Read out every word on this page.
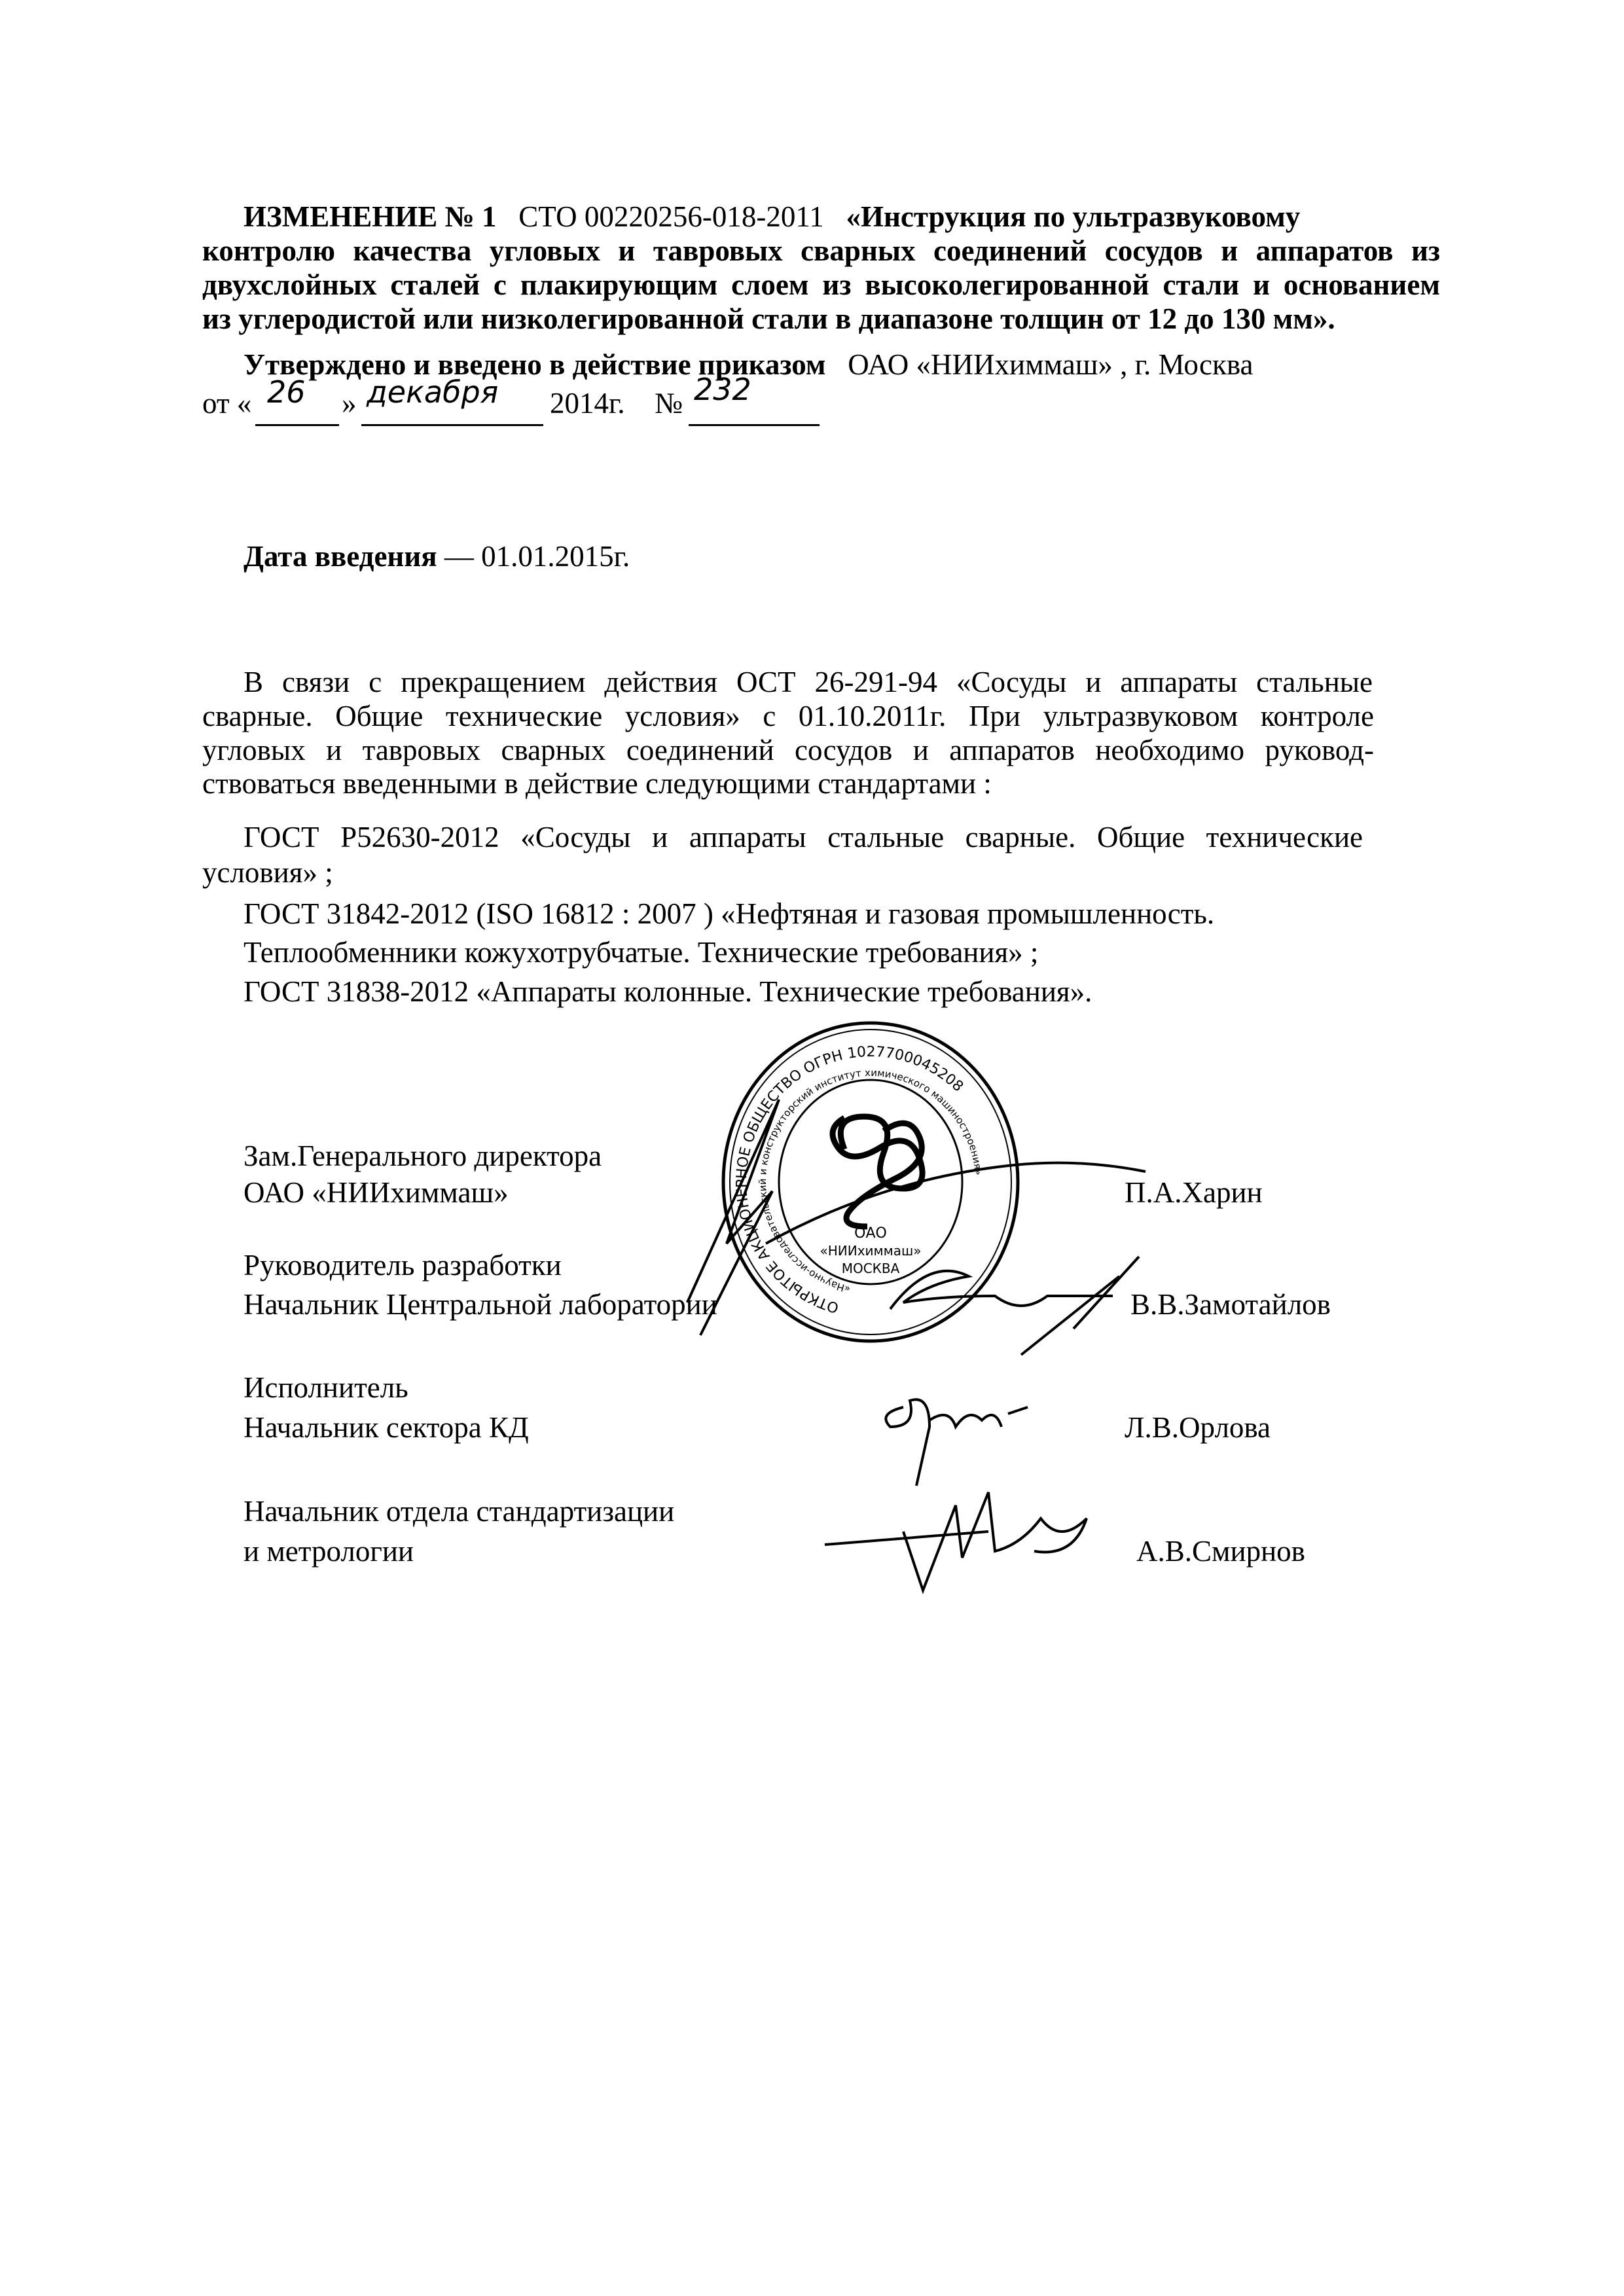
ИЗМЕНЕНИЕ № 1 СТО 00220256-018-2011 «Инструкция по ультразвуковому
контролю качества угловых и тавровых сварных соединений сосудов и аппаратов из
двухслойных сталей с плакирующим слоем из высоколегированной стали и основанием
из углеродистой или низколегированной стали в диапазоне толщин от 12 до 130 мм».
Утверждено и введено в действие приказом ОАО «НИИхиммаш» , г. Москва
от « 26 » декабря 2014г. № 232
Дата введения — 01.01.2015г.
В связи с прекращением действия ОСТ 26-291-94 «Сосуды и аппараты стальные
сварные. Общие технические условия» с 01.10.2011г. При ультразвуковом контроле
угловых и тавровых сварных соединений сосудов и аппаратов необходимо руковод-
ствоваться введенными в действие следующими стандартами :
ГОСТ Р52630-2012 «Сосуды и аппараты стальные сварные. Общие технические
условия» ;
ГОСТ 31842-2012 (ISO 16812 : 2007 ) «Нефтяная и газовая промышленность.
Теплообменники кожухотрубчатые. Технические требования» ;
ГОСТ 31838-2012 «Аппараты колонные. Технические требования».
ОТКРЫТОЕ АКЦИОНЕРНОЕ ОБЩЕСТВО ОГРН 1027700045208
«Научно-исследовательский и конструкторский институт химического машиностроения»
ОАО
«НИИхиммаш»
МОСКВА
Зам.Генерального директора
ОАО «НИИхиммаш»	П.А.Харин
Руководитель разработки
Начальник Центральной лаборатории	В.В.Замотайлов
Исполнитель
Начальник сектора КД	Л.В.Орлова
Начальник отдела стандартизации
и метрологии	А.В.Смирнов
